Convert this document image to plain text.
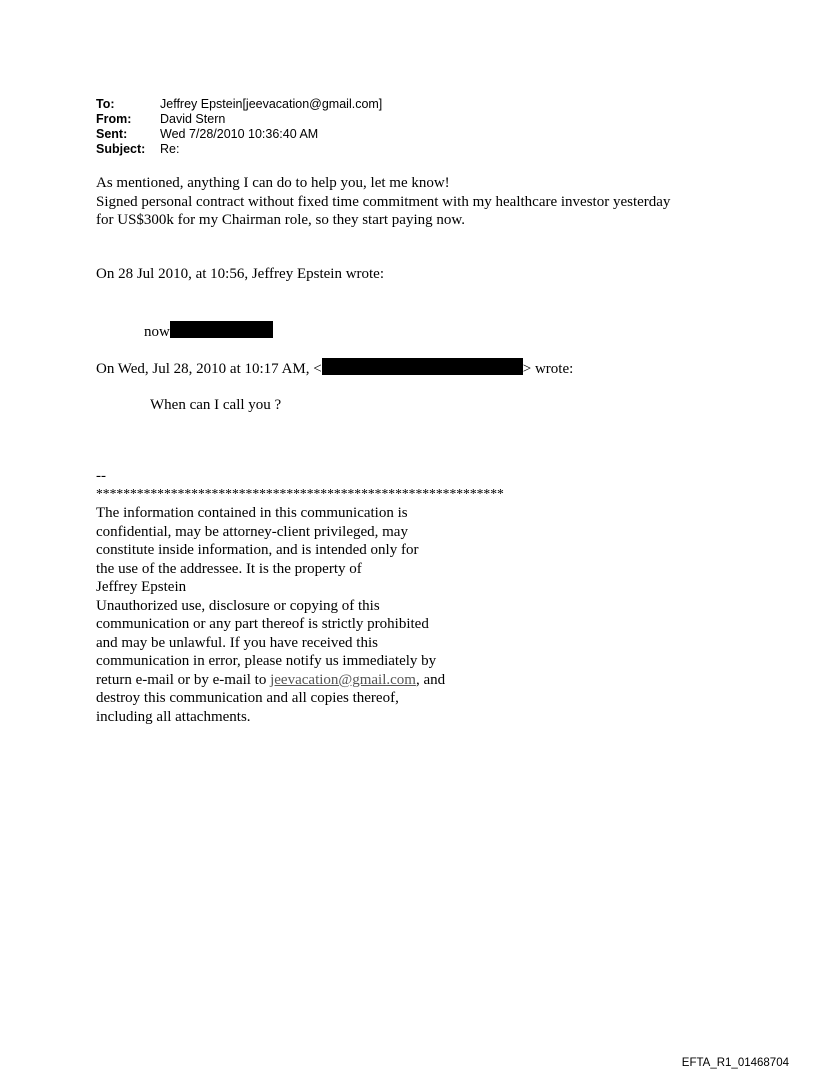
To:	Jeffrey Epstein[jeevacation@gmail.com]
From:	David Stern
Sent:	Wed 7/28/2010 10:36:40 AM
Subject:	Re:
As mentioned, anything I can do to help you, let me know!
Signed personal contract without fixed time commitment with my healthcare investor yesterday
for US$300k for my Chairman role, so they start paying now.
On 28 Jul 2010, at 10:56, Jeffrey Epstein wrote:
now
On Wed, Jul 28, 2010 at 10:17 AM, <	> wrote:
When can I call you ?
--
************************************************************
The information contained in this communication is
confidential, may be attorney-client privileged, may
constitute inside information, and is intended only for
the use of the addressee. It is the property of
Jeffrey Epstein
Unauthorized use, disclosure or copying of this
communication or any part thereof is strictly prohibited
and may be unlawful. If you have received this
communication in error, please notify us immediately by
return e-mail or by e-mail to jeevacation@gmail.com, and
destroy this communication and all copies thereof,
including all attachments.
EFTA_R1_01468704
